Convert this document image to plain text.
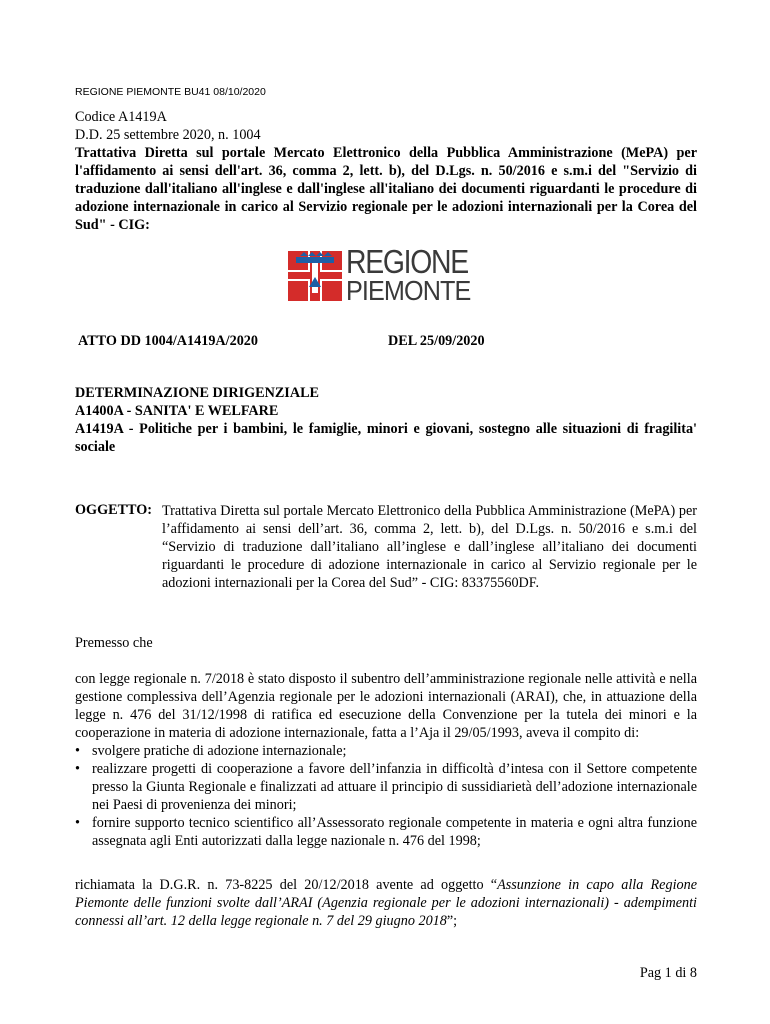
REGIONE PIEMONTE BU41 08/10/2020
Codice A1419A
D.D. 25 settembre 2020, n. 1004
Trattativa Diretta sul portale Mercato Elettronico della Pubblica Amministrazione (MePA) per l'affidamento ai sensi dell'art. 36, comma 2, lett. b), del D.Lgs. n. 50/2016 e s.m.i del "Servizio di traduzione dall'italiano all'inglese e dall'inglese all'italiano dei documenti riguardanti le procedure di adozione internazionale in carico al Servizio regionale per le adozioni internazionali per la Corea del Sud" - CIG:
REGIONE
PIEMONTE
ATTO DD 1004/A1419A/2020	DEL 25/09/2020
DETERMINAZIONE DIRIGENZIALE
A1400A - SANITA' E WELFARE
A1419A - Politiche per i bambini, le famiglie, minori e giovani, sostegno alle situazioni di fragilita' sociale
OGGETTO: Trattativa Diretta sul portale Mercato Elettronico della Pubblica Amministrazione (MePA) per l’affidamento ai sensi dell’art. 36, comma 2, lett. b), del D.Lgs. n. 50/2016 e s.m.i del “Servizio di traduzione dall’italiano all’inglese e dall’inglese all’italiano dei documenti riguardanti le procedure di adozione internazionale in carico al Servizio regionale per le adozioni internazionali per la Corea del Sud” - CIG: 83375560DF.
Premesso che
con legge regionale n. 7/2018 è stato disposto il subentro dell’amministrazione regionale nelle attività e nella gestione complessiva dell’Agenzia regionale per le adozioni internazionali (ARAI), che, in attuazione della legge n. 476 del 31/12/1998 di ratifica ed esecuzione della Convenzione per la tutela dei minori e la cooperazione in materia di adozione internazionale, fatta a l’Aja il 29/05/1993, aveva il compito di:
• svolgere pratiche di adozione internazionale;
• realizzare progetti di cooperazione a favore dell’infanzia in difficoltà d’intesa con il Settore competente presso la Giunta Regionale e finalizzati ad attuare il principio di sussidiarietà dell’adozione internazionale nei Paesi di provenienza dei minori;
• fornire supporto tecnico scientifico all’Assessorato regionale competente in materia e ogni altra funzione assegnata agli Enti autorizzati dalla legge nazionale n. 476 del 1998;
richiamata la D.G.R. n. 73-8225 del 20/12/2018 avente ad oggetto “Assunzione in capo alla Regione Piemonte delle funzioni svolte dall’ARAI (Agenzia regionale per le adozioni internazionali) - adempimenti connessi all’art. 12 della legge regionale n. 7 del 29 giugno 2018”;
Pag 1 di 8
